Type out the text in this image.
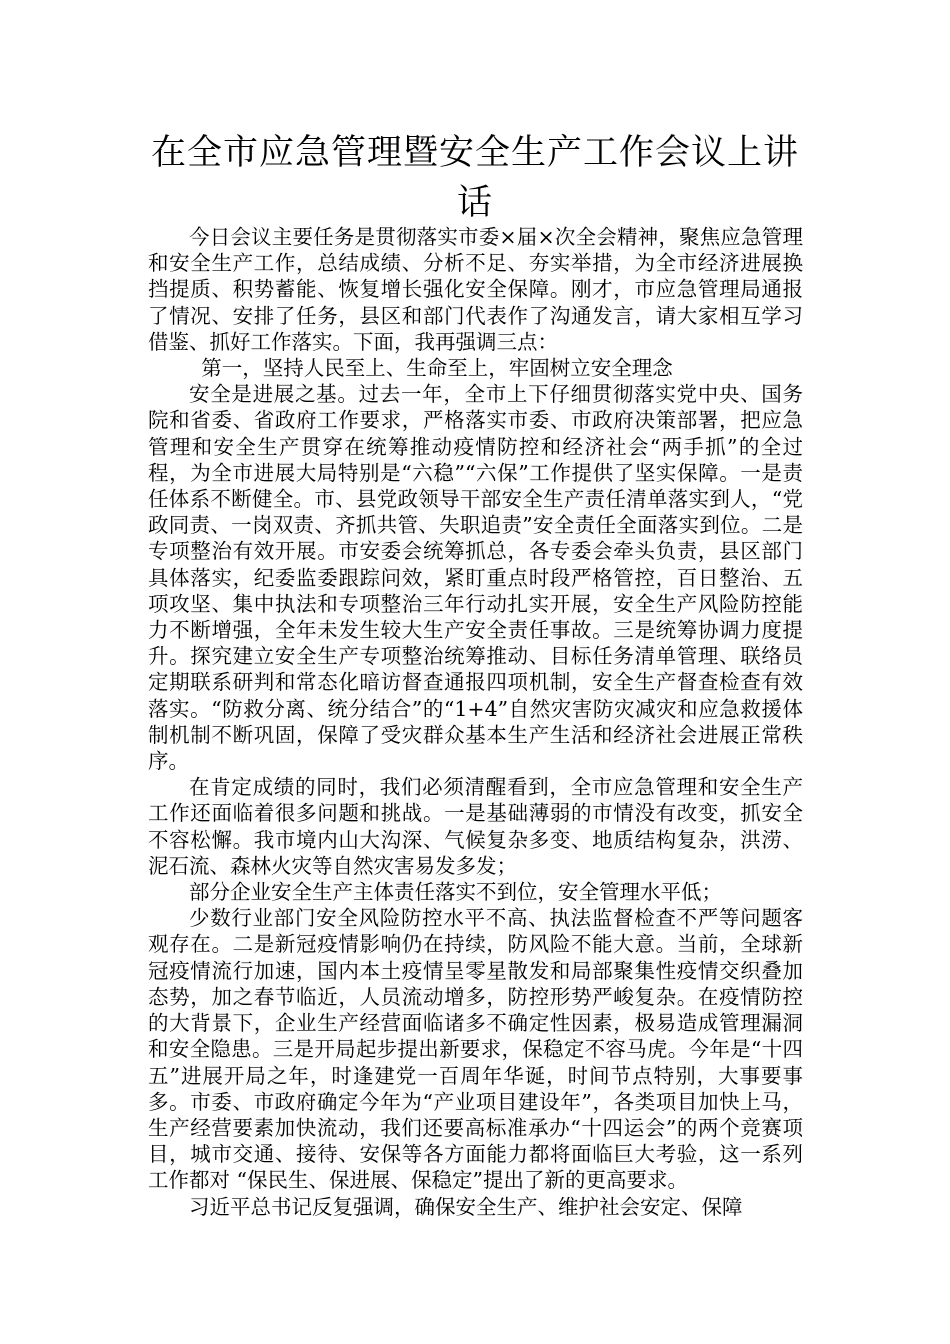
在全市应急管理暨安全生产工作会议上讲话

今日会议主要任务是贯彻落实市委×届×次全会精神，聚焦应急管理和安全生产工作，总结成绩、分析不足、夯实举措，为全市经济进展换挡提质、积势蓄能、恢复增长强化安全保障。刚才，市应急管理局通报了情况、安排了任务，县区和部门代表作了沟通发言，请大家相互学习借鉴、抓好工作落实。下面，我再强调三点：

第一，坚持人民至上、生命至上，牢固树立安全理念

安全是进展之基。过去一年，全市上下仔细贯彻落实党中央、国务院和省委、省政府工作要求，严格落实市委、市政府决策部署，把应急管理和安全生产贯穿在统筹推动疫情防控和经济社会“两手抓”的全过程，为全市进展大局特别是“六稳”“六保”工作提供了坚实保障。一是责任体系不断健全。市、县党政领导干部安全生产责任清单落实到人，“党政同责、一岗双责、齐抓共管、失职追责”安全责任全面落实到位。二是专项整治有效开展。市安委会统筹抓总，各专委会牵头负责，县区部门具体落实，纪委监委跟踪问效，紧盯重点时段严格管控，百日整治、五项攻坚、集中执法和专项整治三年行动扎实开展，安全生产风险防控能力不断增强，全年未发生较大生产安全责任事故。三是统筹协调力度提升。探究建立安全生产专项整治统筹推动、目标任务清单管理、联络员定期联系研判和常态化暗访督查通报四项机制，安全生产督查检查有效落实。“防救分离、统分结合”的“1+4”自然灾害防灾减灾和应急救援体制机制不断巩固，保障了受灾群众基本生产生活和经济社会进展正常秩序。

在肯定成绩的同时，我们必须清醒看到，全市应急管理和安全生产工作还面临着很多问题和挑战。一是基础薄弱的市情没有改变，抓安全不容松懈。我市境内山大沟深、气候复杂多变、地质结构复杂，洪涝、泥石流、森林火灾等自然灾害易发多发；

部分企业安全生产主体责任落实不到位，安全管理水平低；

少数行业部门安全风险防控水平不高、执法监督检查不严等问题客观存在。二是新冠疫情影响仍在持续，防风险不能大意。当前，全球新冠疫情流行加速，国内本土疫情呈零星散发和局部聚集性疫情交织叠加态势，加之春节临近，人员流动增多，防控形势严峻复杂。在疫情防控的大背景下，企业生产经营面临诸多不确定性因素，极易造成管理漏洞和安全隐患。三是开局起步提出新要求，保稳定不容马虎。今年是“十四五”进展开局之年，时逢建党一百周年华诞，时间节点特别，大事要事多。市委、市政府确定今年为“产业项目建设年”，各类项目加快上马，生产经营要素加快流动，我们还要高标准承办“十四运会”的两个竞赛项目，城市交通、接待、安保等各方面能力都将面临巨大考验，这一系列工作都对 “保民生、保进展、保稳定”提出了新的更高要求。

习近平总书记反复强调，确保安全生产、维护社会安定、保障
